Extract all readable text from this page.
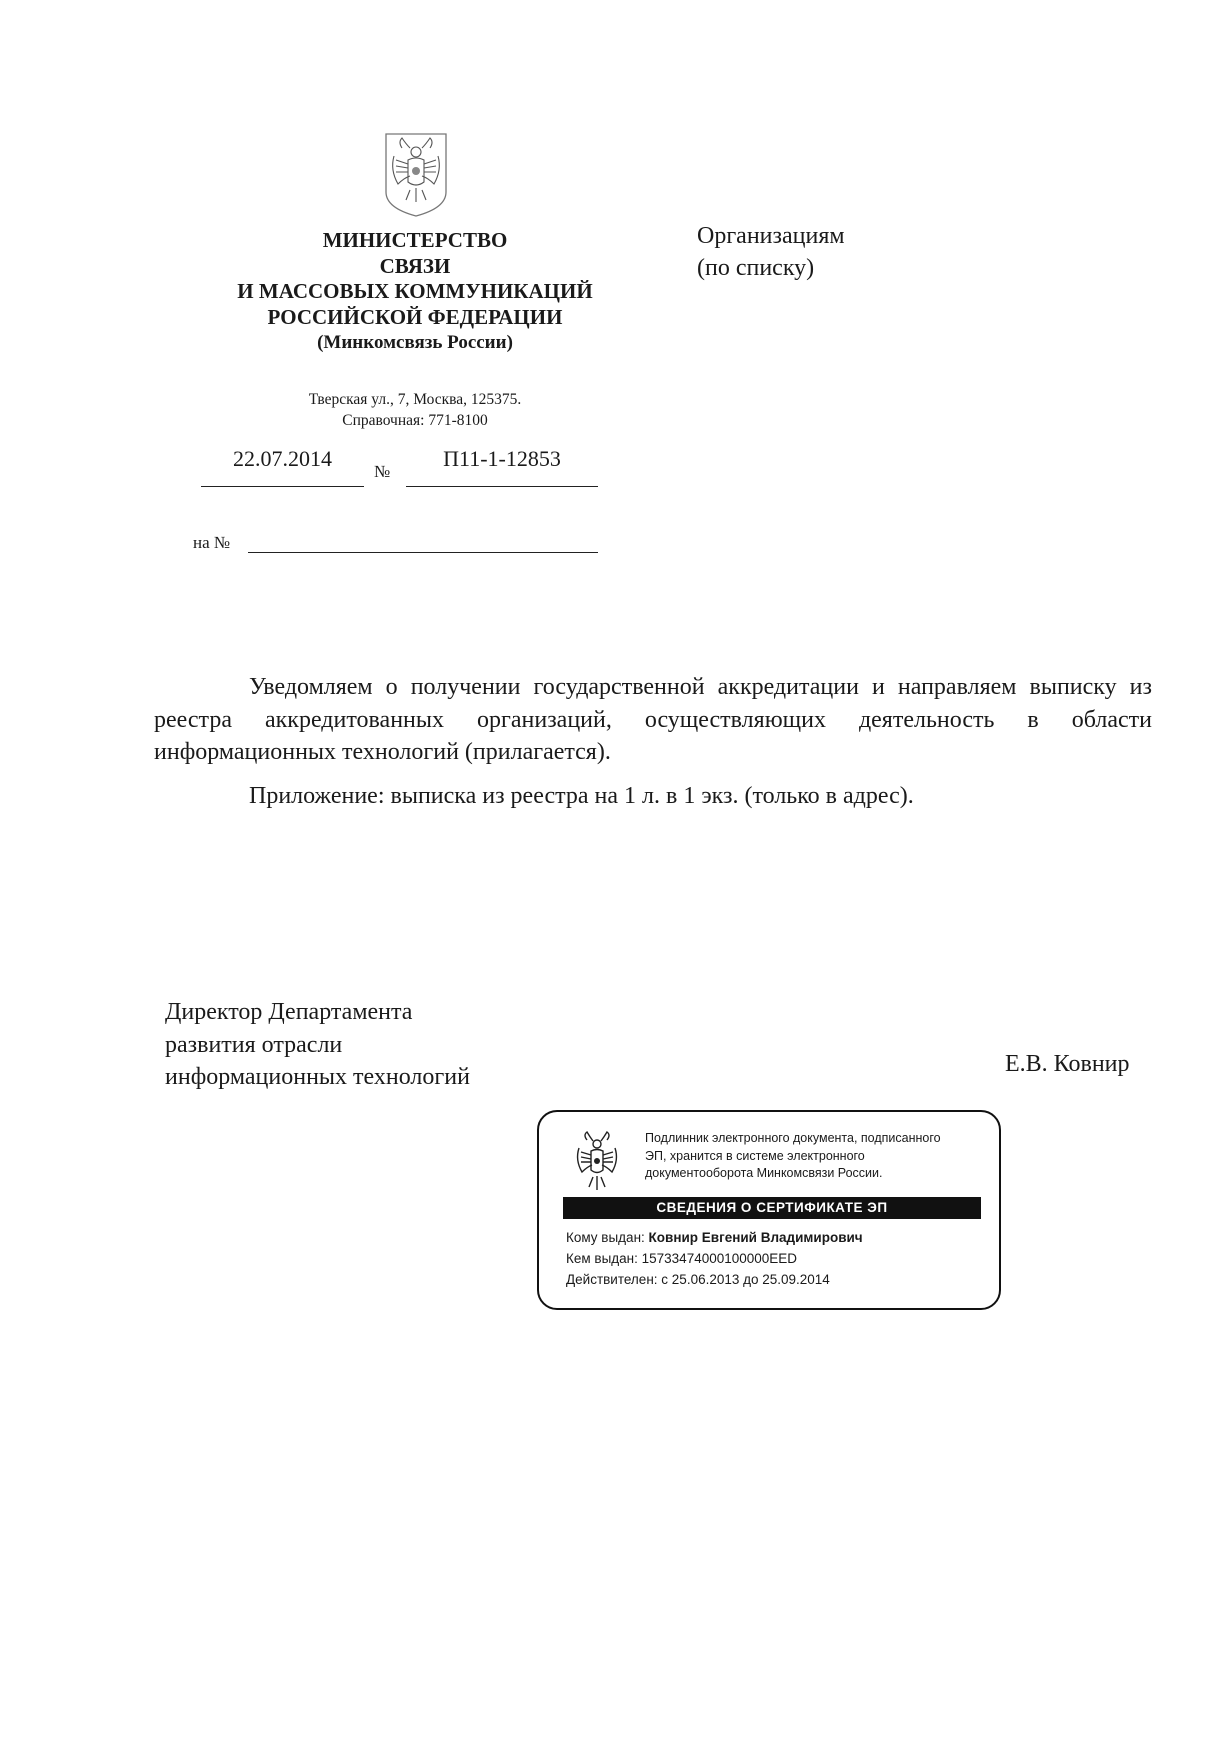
МИНИСТЕРСТВО
СВЯЗИ
И МАССОВЫХ КОММУНИКАЦИЙ
РОССИЙСКОЙ ФЕДЕРАЦИИ
(Минкомсвязь России)
Тверская ул., 7, Москва, 125375.
Справочная: 771-8100
22.07.2014
№
П11-1-12853
на №
Организациям
(по списку)

Уведомляем о получении государственной аккредитации и направляем выписку из реестра аккредитованных организаций, осуществляющих деятельность в области информационных технологий (прилагается).

Приложение: выписка из реестра на 1 л. в 1 экз. (только в адрес).

Директор Департамента
развития отрасли
информационных технологий	Е.В. Ковнир
Подлинник электронного документа, подписанного
ЭП, хранится в системе электронного
документооборота Минкомсвязи России.
СВЕДЕНИЯ О СЕРТИФИКАТЕ ЭП
Кому выдан: Ковнир Евгений Владимирович
Кем выдан: 15733474000100000EED
Действителен: с 25.06.2013 до 25.09.2014
